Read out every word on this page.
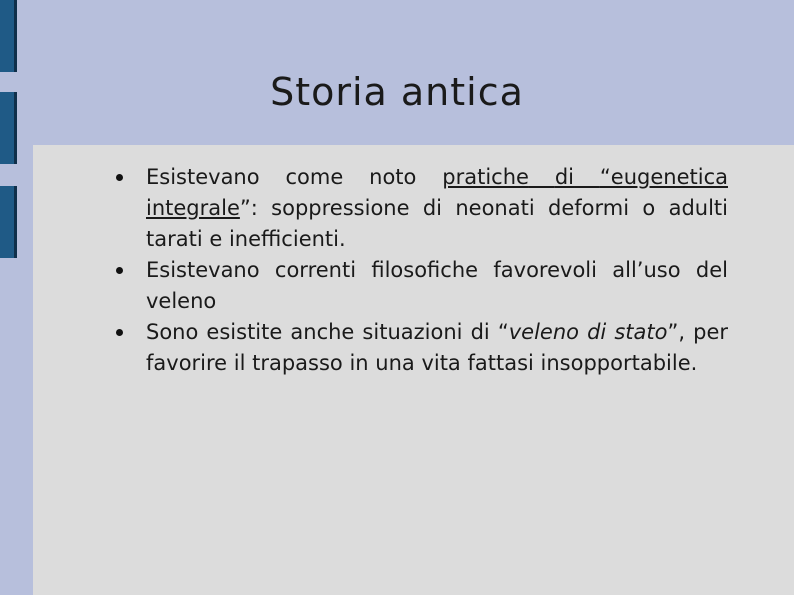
Storia antica
Esistevano come noto pratiche di “eugenetica integrale”: soppressione di neonati deformi o adulti tarati e inefficienti.
Esistevano correnti filosofiche favorevoli all’uso del veleno
Sono esistite anche situazioni di “veleno di stato”, per favorire il trapasso in una vita fattasi insopportabile.
